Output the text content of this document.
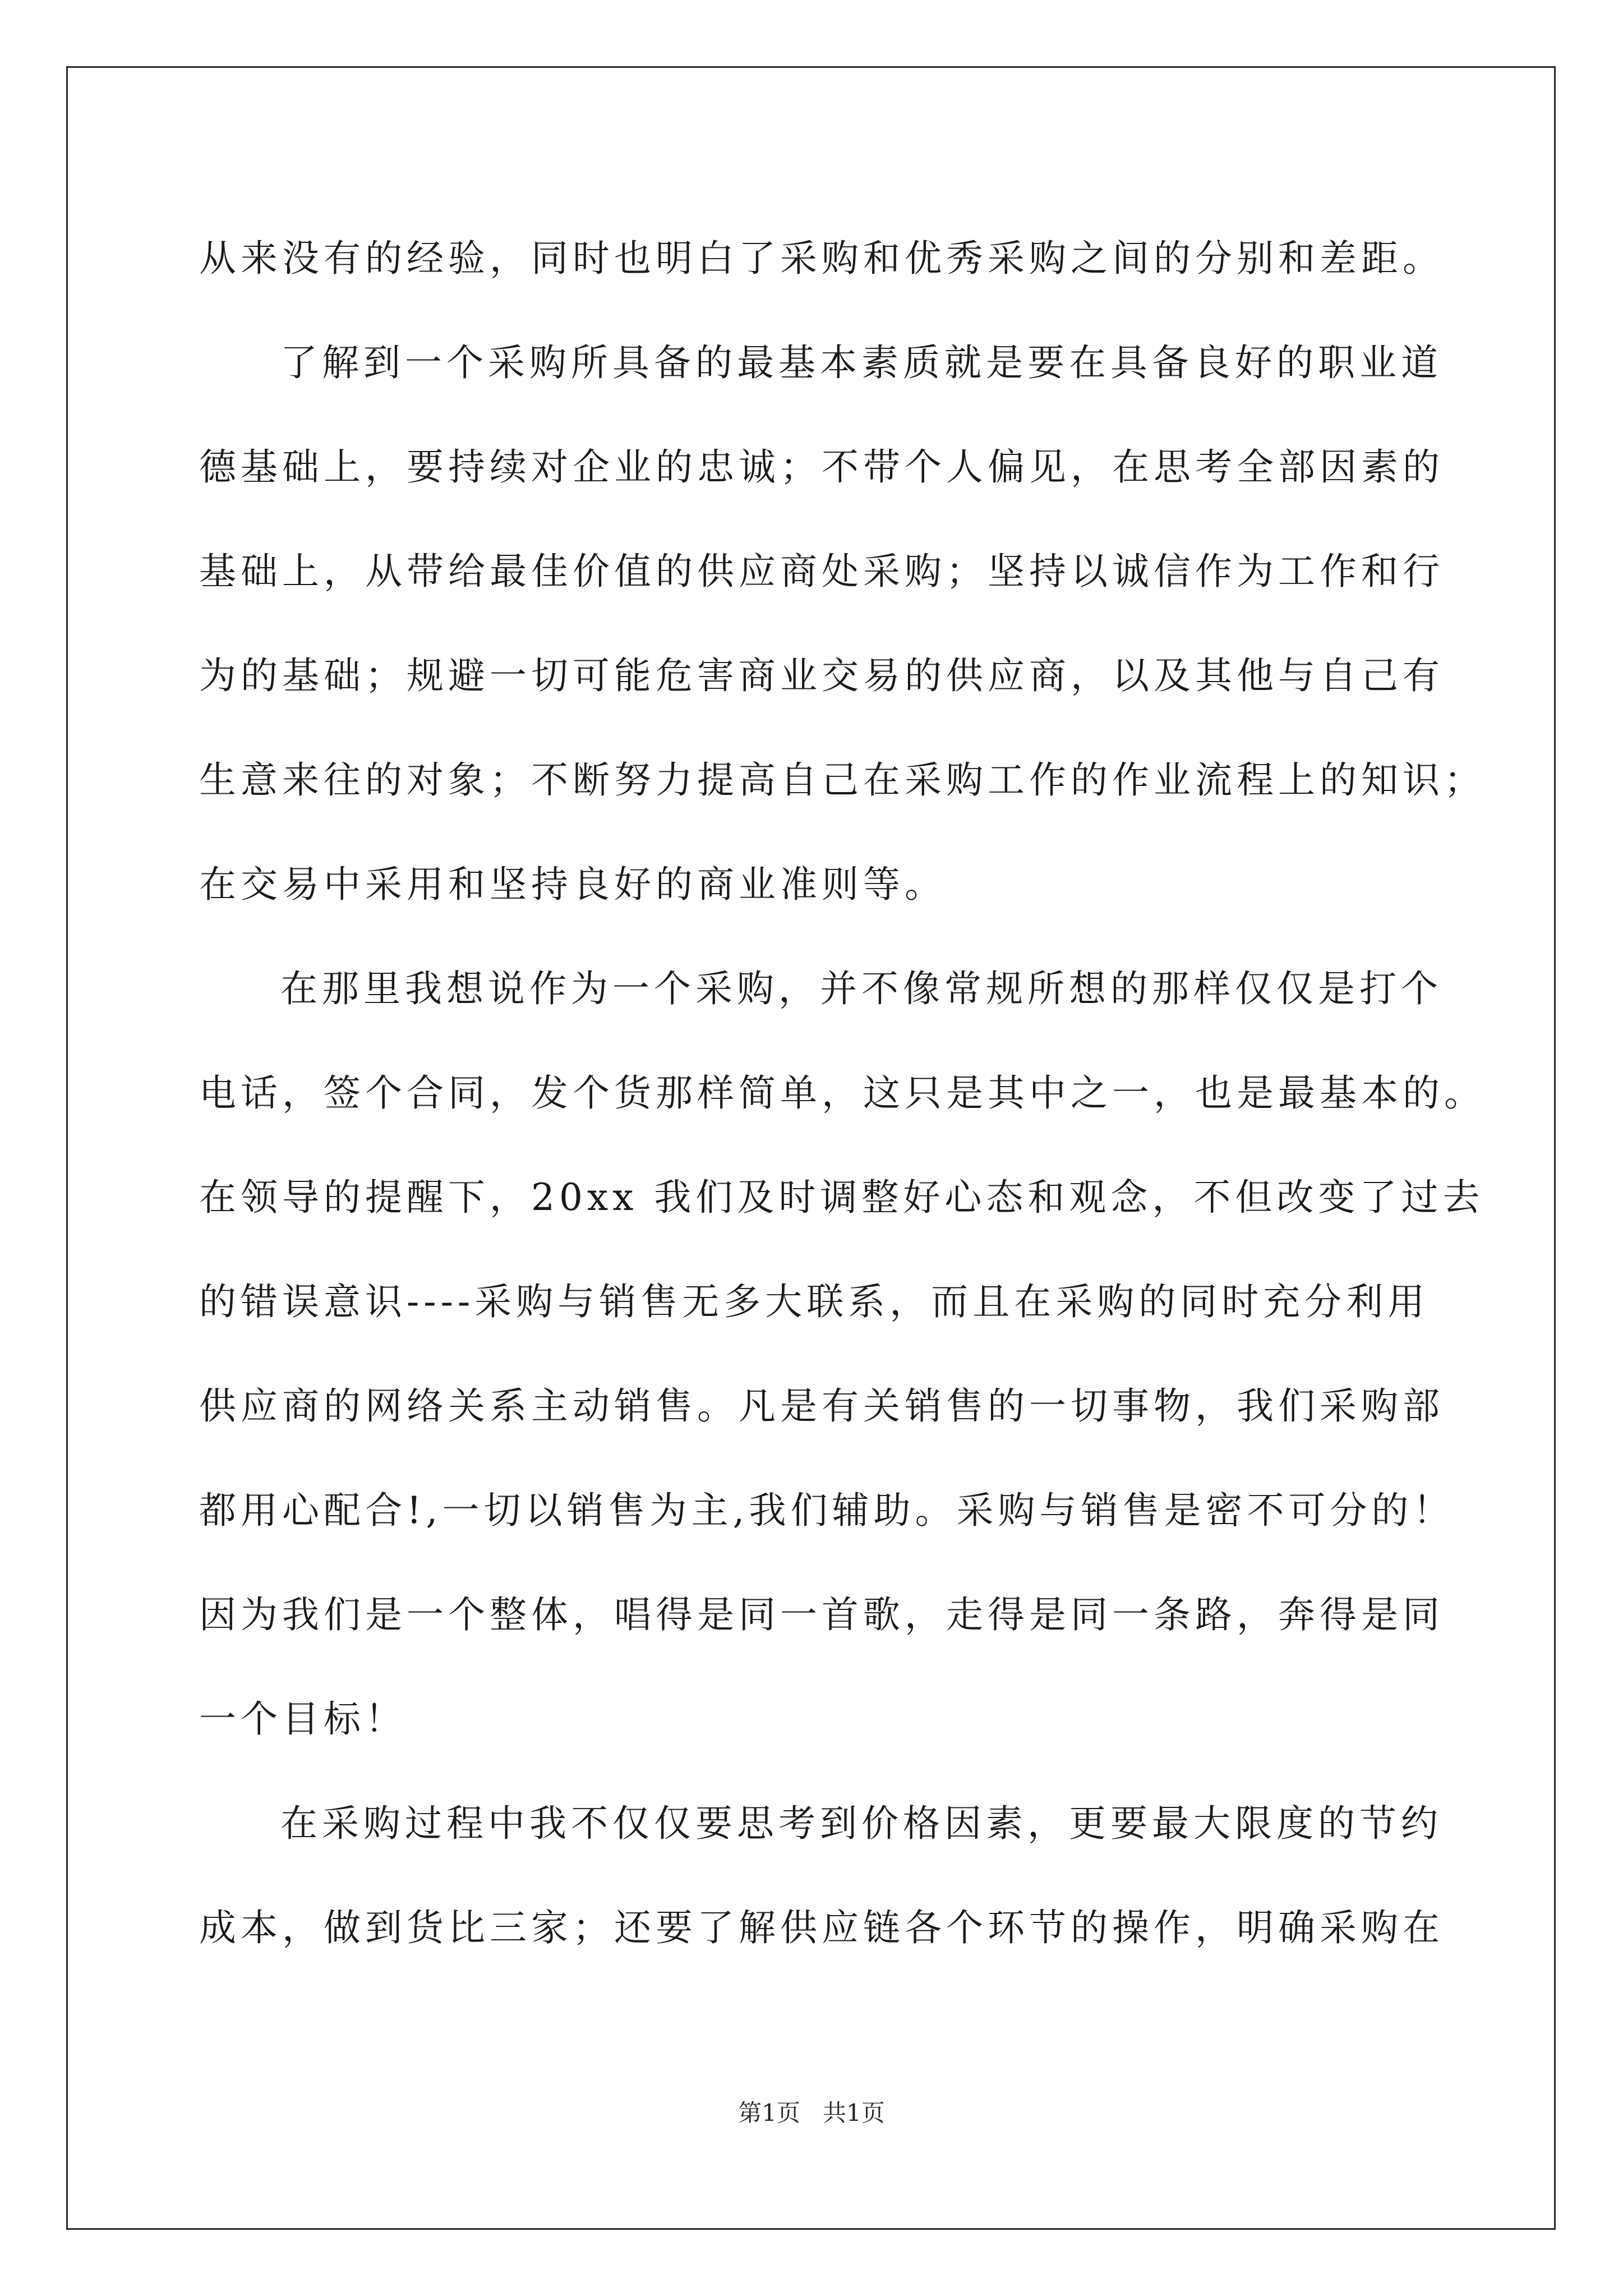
从来没有的经验，同时也明白了采购和优秀采购之间的分别和差距。
了解到一个采购所具备的最基本素质就是要在具备良好的职业道
德基础上，要持续对企业的忠诚；不带个人偏见，在思考全部因素的
基础上，从带给最佳价值的供应商处采购；坚持以诚信作为工作和行
为的基础；规避一切可能危害商业交易的供应商，以及其他与自己有
生意来往的对象；不断努力提高自己在采购工作的作业流程上的知识；
在交易中采用和坚持良好的商业准则等。
在那里我想说作为一个采购，并不像常规所想的那样仅仅是打个
电话，签个合同，发个货那样简单，这只是其中之一，也是最基本的。
在领导的提醒下，20xx 我们及时调整好心态和观念，不但改变了过去
的错误意识----采购与销售无多大联系，而且在采购的同时充分利用
供应商的网络关系主动销售。凡是有关销售的一切事物，我们采购部
都用心配合!,一切以销售为主,我们辅助。采购与销售是密不可分的！
因为我们是一个整体，唱得是同一首歌，走得是同一条路，奔得是同
一个目标！
在采购过程中我不仅仅要思考到价格因素，更要最大限度的节约
成本，做到货比三家；还要了解供应链各个环节的操作，明确采购在
第1页   共1页
